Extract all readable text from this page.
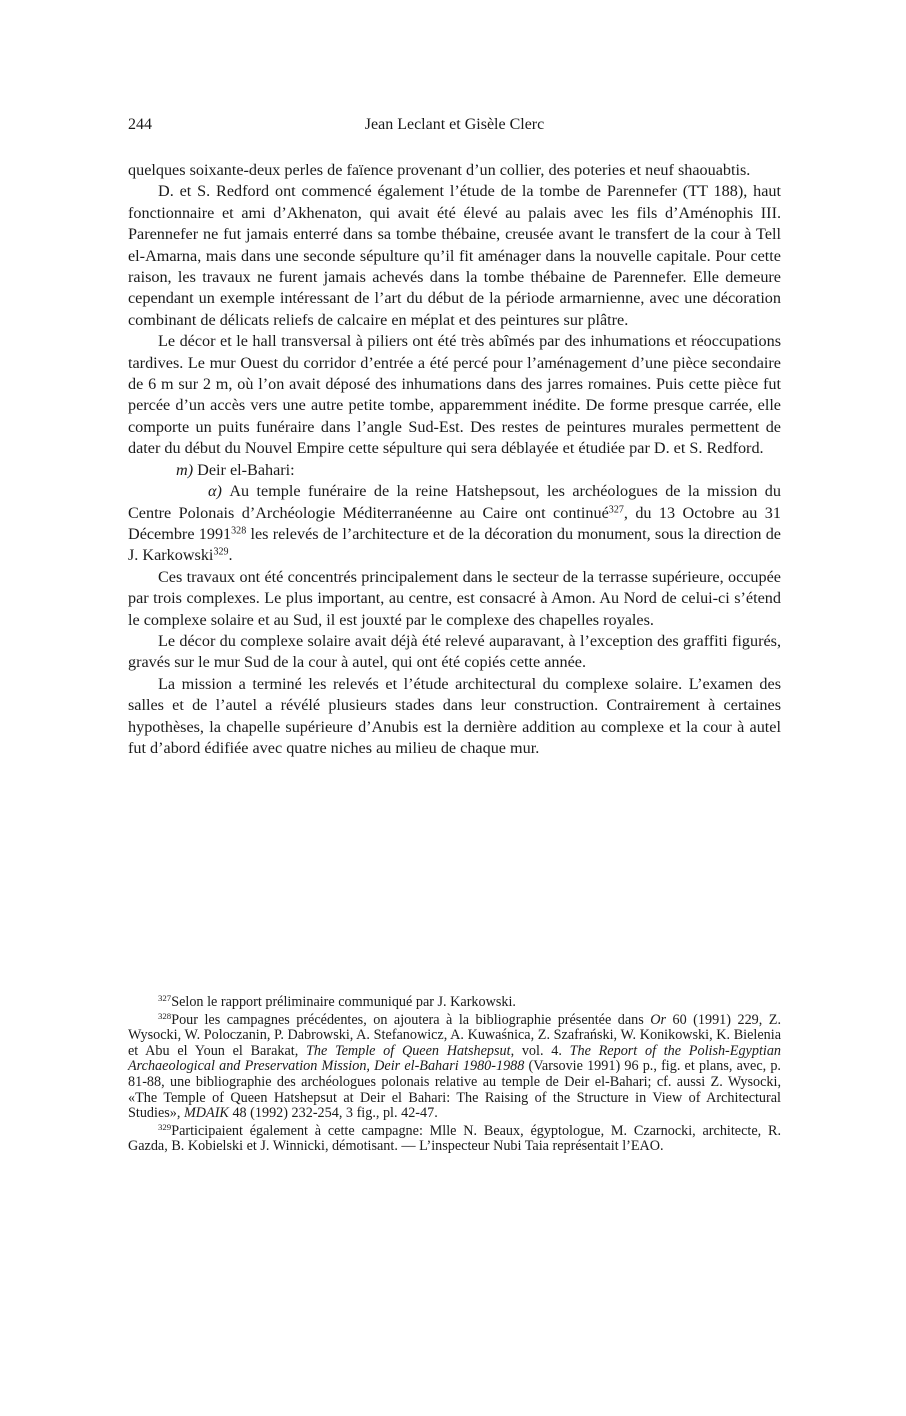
244	Jean Leclant et Gisèle Clerc

quelques soixante-deux perles de faïence provenant d’un collier, des poteries et neuf shaouabtis.

D. et S. Redford ont commencé également l’étude de la tombe de Parennefer (TT 188), haut fonctionnaire et ami d’Akhenaton, qui avait été élevé au palais avec les fils d’Aménophis III. Parennefer ne fut jamais enterré dans sa tombe thébaine, creusée avant le transfert de la cour à Tell el-Amarna, mais dans une seconde sépulture qu’il fit aménager dans la nouvelle capitale. Pour cette raison, les travaux ne furent jamais achevés dans la tombe thébaine de Parennefer. Elle demeure cependant un exemple intéressant de l’art du début de la période armarnienne, avec une décoration combinant de délicats reliefs de calcaire en méplat et des peintures sur plâtre.

Le décor et le hall transversal à piliers ont été très abîmés par des inhumations et réoccupations tardives. Le mur Ouest du corridor d’entrée a été percé pour l’aménagement d’une pièce secondaire de 6 m sur 2 m, où l’on avait déposé des inhumations dans des jarres romaines. Puis cette pièce fut percée d’un accès vers une autre petite tombe, apparemment inédite. De forme presque carrée, elle comporte un puits funéraire dans l’angle Sud-Est. Des restes de peintures murales permettent de dater du début du Nouvel Empire cette sépulture qui sera déblayée et étudiée par D. et S. Redford.

m) Deir el-Bahari:

α) Au temple funéraire de la reine Hatshepsout, les archéologues de la mission du Centre Polonais d’Archéologie Méditerranéenne au Caire ont continué$^{327}$, du 13 Octobre au 31 Décembre 1991$^{328}$ les relevés de l’architecture et de la décoration du monument, sous la direction de J. Karkowski$^{329}$.

Ces travaux ont été concentrés principalement dans le secteur de la terrasse supérieure, occupée par trois complexes. Le plus important, au centre, est consacré à Amon. Au Nord de celui-ci s’étend le complexe solaire et au Sud, il est jouxté par le complexe des chapelles royales.

Le décor du complexe solaire avait déjà été relevé auparavant, à l’exception des graffiti figurés, gravés sur le mur Sud de la cour à autel, qui ont été copiés cette année.

La mission a terminé les relevés et l’étude architectural du complexe solaire. L’examen des salles et de l’autel a révélé plusieurs stades dans leur construction. Contrairement à certaines hypothèses, la chapelle supérieure d’Anubis est la dernière addition au complexe et la cour à autel fut d’abord édifiée avec quatre niches au milieu de chaque mur.

$^{327}$Selon le rapport préliminaire communiqué par J. Karkowski.

$^{328}$Pour les campagnes précédentes, on ajoutera à la bibliographie présentée dans Or 60 (1991) 229, Z. Wysocki, W. Poloczanin, P. Dabrowski, A. Stefanowicz, A. Kuwaśnica, Z. Szafrański, W. Konikowski, K. Bielenia et Abu el Youn el Barakat, The Temple of Queen Hatshepsut, vol. 4. The Report of the Polish-Egyptian Archaeological and Preservation Mission, Deir el-Bahari 1980-1988 (Varsovie 1991) 96 p., fig. et plans, avec, p. 81-88, une bibliographie des archéologues polonais relative au temple de Deir el-Bahari; cf. aussi Z. Wysocki, «The Temple of Queen Hatshepsut at Deir el Bahari: The Raising of the Structure in View of Architectural Studies», MDAIK 48 (1992) 232-254, 3 fig., pl. 42-47.

$^{329}$Participaient également à cette campagne: Mlle N. Beaux, égyptologue, M. Czarnocki, architecte, R. Gazda, B. Kobielski et J. Winnicki, démotisant. — L’inspecteur Nubi Taia représentait l’EAO.
